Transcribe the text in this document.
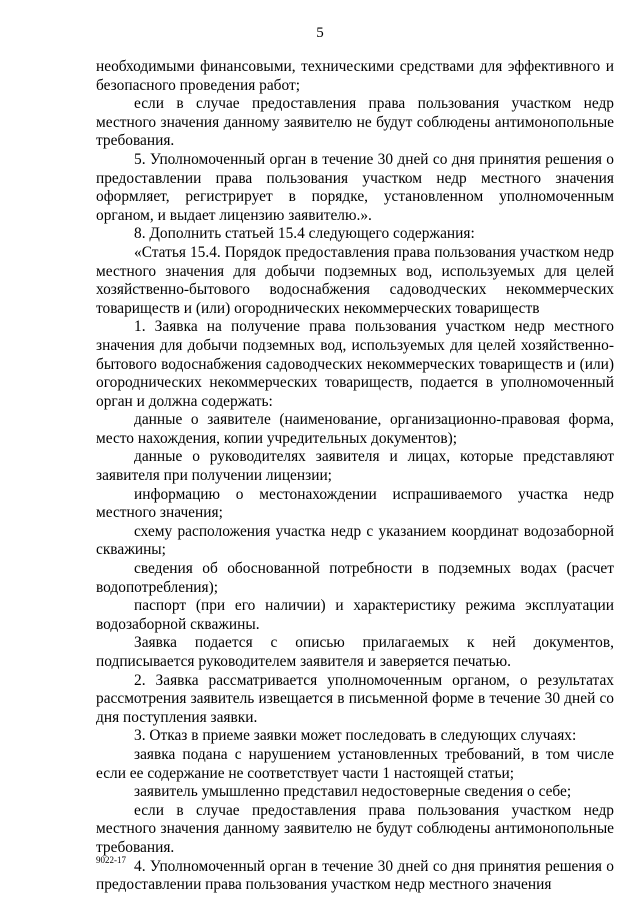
5

необходимыми финансовыми, техническими средствами для эффективного и безопасного проведения работ;

если в случае предоставления права пользования участком недр местного значения данному заявителю не будут соблюдены антимонопольные требования.

5. Уполномоченный орган в течение 30 дней со дня принятия решения о предоставлении права пользования участком недр местного значения оформляет, регистрирует в порядке, установленном уполномоченным органом, и выдает лицензию заявителю.».

8. Дополнить статьей 15.4 следующего содержания:

«Статья 15.4. Порядок предоставления права пользования участком недр местного значения для добычи подземных вод, используемых для целей хозяйственно-бытового водоснабжения садоводческих некоммерческих товариществ и (или) огороднических некоммерческих товариществ

1. Заявка на получение права пользования участком недр местного значения для добычи подземных вод, используемых для целей хозяйственно-бытового водоснабжения садоводческих некоммерческих товариществ и (или) огороднических некоммерческих товариществ, подается в уполномоченный орган и должна содержать:

данные о заявителе (наименование, организационно-правовая форма, место нахождения, копии учредительных документов);

данные о руководителях заявителя и лицах, которые представляют заявителя при получении лицензии;

информацию о местонахождении испрашиваемого участка недр местного значения;

схему расположения участка недр с указанием координат водозаборной скважины;

сведения об обоснованной потребности в подземных водах (расчет водопотребления);

паспорт (при его наличии) и характеристику режима эксплуатации водозаборной скважины.

Заявка подается с описью прилагаемых к ней документов, подписывается руководителем заявителя и заверяется печатью.

2. Заявка рассматривается уполномоченным органом, о результатах рассмотрения заявитель извещается в письменной форме в течение 30 дней со дня поступления заявки.

3. Отказ в приеме заявки может последовать в следующих случаях:

заявка подана с нарушением установленных требований, в том числе если ее содержание не соответствует части 1 настоящей статьи;

заявитель умышленно представил недостоверные сведения о себе;

если в случае предоставления права пользования участком недр местного значения данному заявителю не будут соблюдены антимонопольные требования.

4. Уполномоченный орган в течение 30 дней со дня принятия решения о предоставлении права пользования участком недр местного значения

9022-17
